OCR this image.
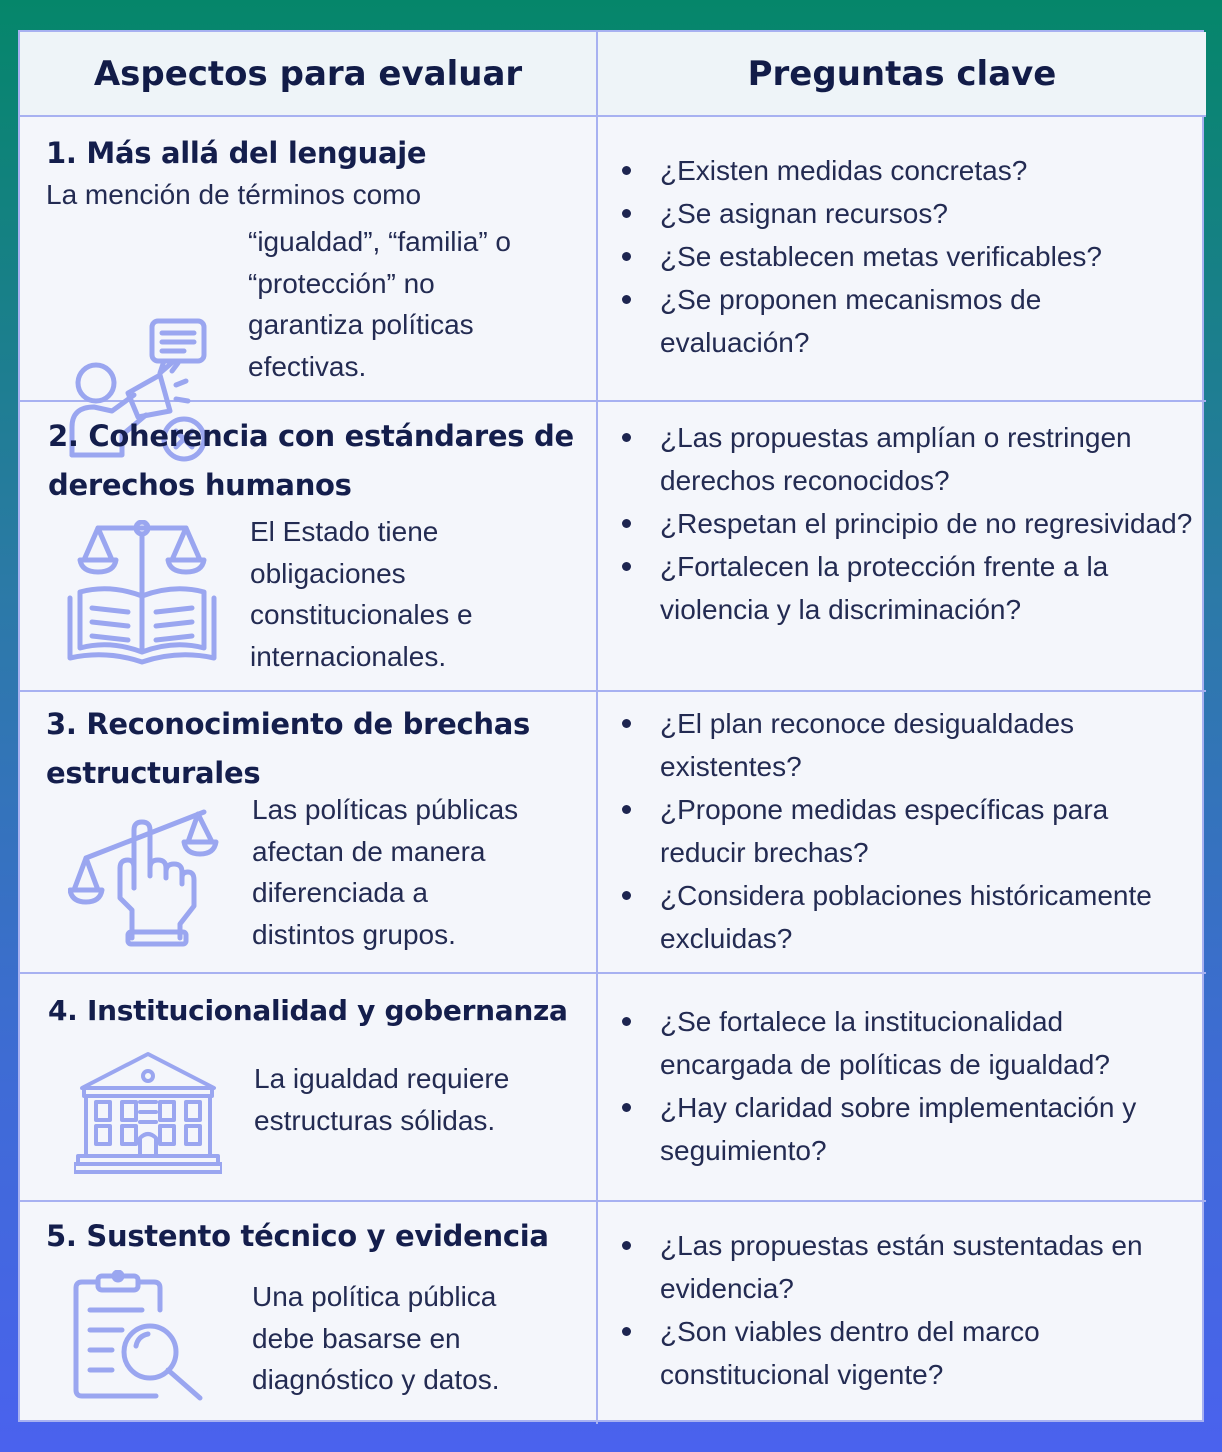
Aspectos para evaluar	Preguntas clave
1. Más allá del lenguaje
La mención de términos como
“igualdad”, “familia” o
“protección” no
garantiza políticas
efectivas.
¿Existen medidas concretas?
¿Se asignan recursos?
¿Se establecen metas verificables?
¿Se proponen mecanismos de evaluación?
2. Coherencia con estándares de derechos humanos
El Estado tiene
obligaciones
constitucionales e
internacionales.
¿Las propuestas amplían o restringen derechos reconocidos?
¿Respetan el principio de no regresividad?
¿Fortalecen la protección frente a la violencia y la discriminación?
3. Reconocimiento de brechas estructurales
Las políticas públicas
afectan de manera
diferenciada a
distintos grupos.
¿El plan reconoce desigualdades existentes?
¿Propone medidas específicas para reducir brechas?
¿Considera poblaciones históricamente excluidas?
4. Institucionalidad y gobernanza
La igualdad requiere
estructuras sólidas.
¿Se fortalece la institucionalidad encargada de políticas de igualdad?
¿Hay claridad sobre implementación y seguimiento?
5. Sustento técnico y evidencia
Una política pública
debe basarse en
diagnóstico y datos.
¿Las propuestas están sustentadas en evidencia?
¿Son viables dentro del marco constitucional vigente?
